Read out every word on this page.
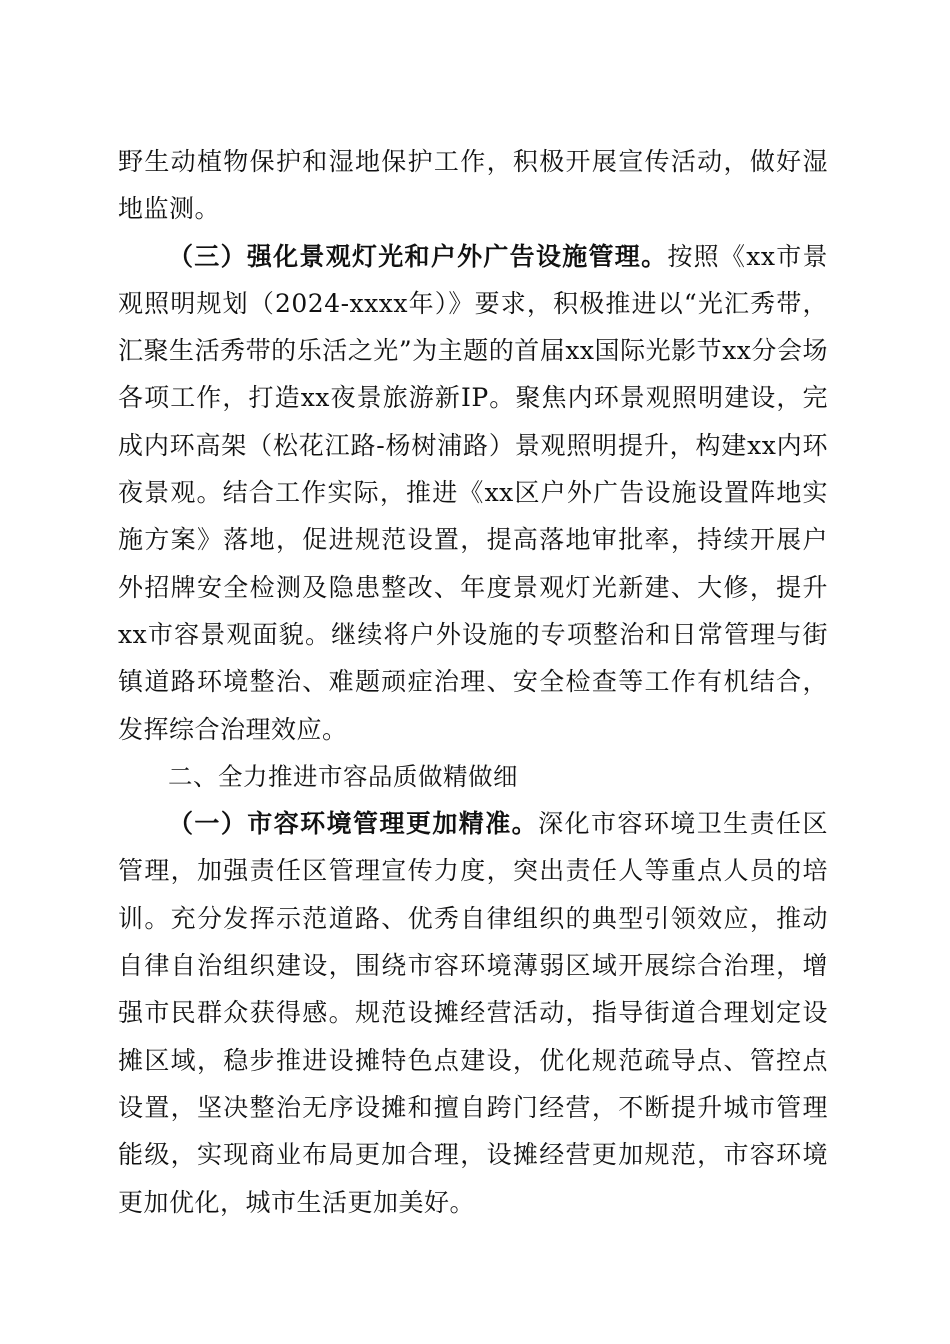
野生动植物保护和湿地保护工作，积极开展宣传活动，做好湿地监测。

（三）强化景观灯光和户外广告设施管理。按照《xx市景观照明规划（2024-xxxx年）》要求，积极推进以“光汇秀带，汇聚生活秀带的乐活之光”为主题的首届xx国际光影节xx分会场各项工作，打造xx夜景旅游新IP。聚焦内环景观照明建设，完成内环高架（松花江路-杨树浦路）景观照明提升，构建xx内环夜景观。结合工作实际，推进《xx区户外广告设施设置阵地实施方案》落地，促进规范设置，提高落地审批率，持续开展户外招牌安全检测及隐患整改、年度景观灯光新建、大修，提升xx市容景观面貌。继续将户外设施的专项整治和日常管理与街镇道路环境整治、难题顽症治理、安全检查等工作有机结合，发挥综合治理效应。

二、全力推进市容品质做精做细

（一）市容环境管理更加精准。深化市容环境卫生责任区管理，加强责任区管理宣传力度，突出责任人等重点人员的培训。充分发挥示范道路、优秀自律组织的典型引领效应，推动自律自治组织建设，围绕市容环境薄弱区域开展综合治理，增强市民群众获得感。规范设摊经营活动，指导街道合理划定设摊区域，稳步推进设摊特色点建设，优化规范疏导点、管控点设置，坚决整治无序设摊和擅自跨门经营，不断提升城市管理能级，实现商业布局更加合理，设摊经营更加规范，市容环境更加优化，城市生活更加美好。
